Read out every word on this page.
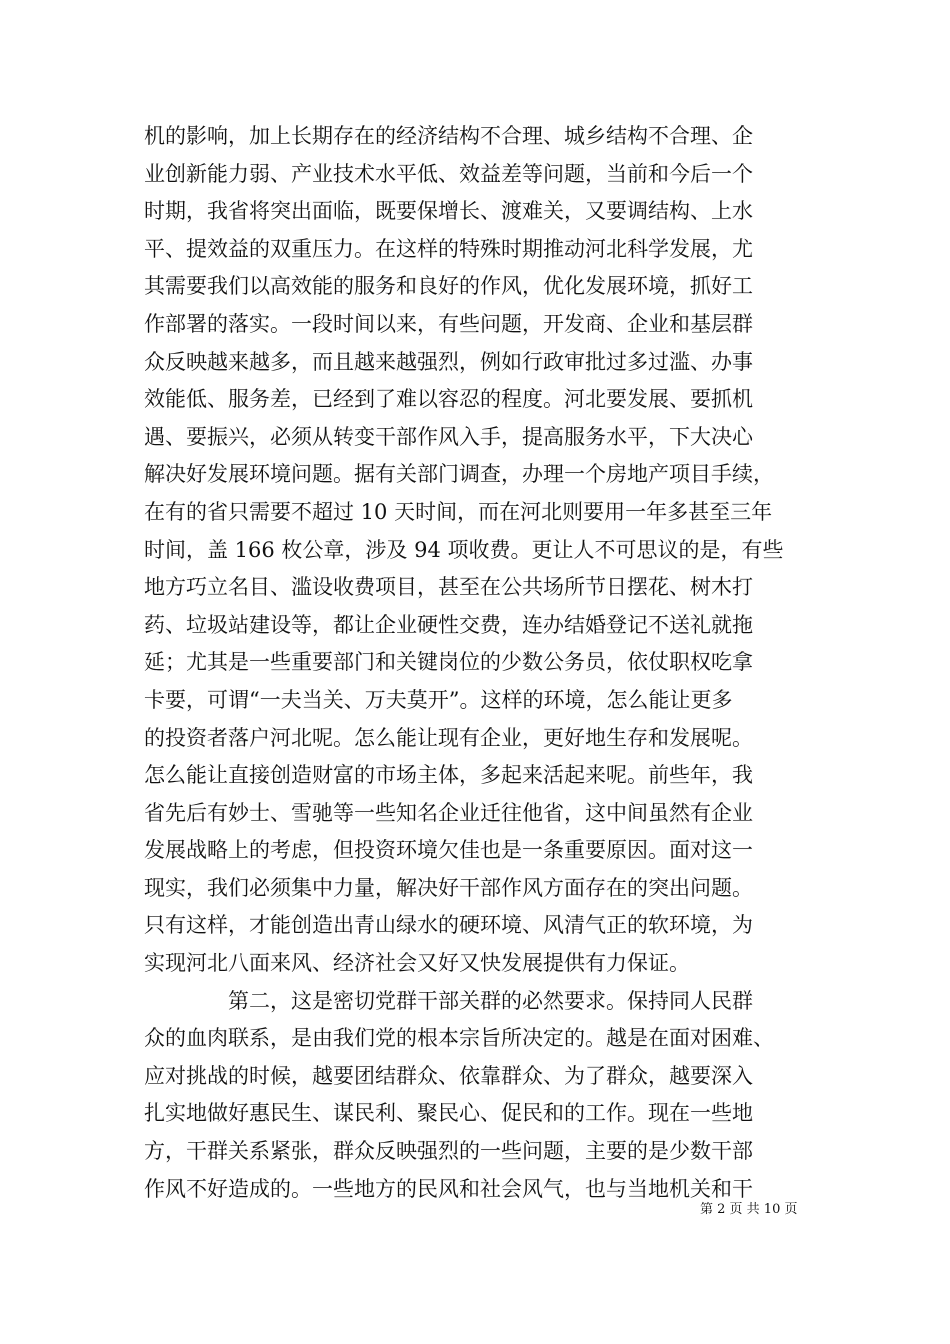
机的影响，加上长期存在的经济结构不合理、城乡结构不合理、企
业创新能力弱、产业技术水平低、效益差等问题，当前和今后一个
时期，我省将突出面临，既要保增长、渡难关，又要调结构、上水
平、提效益的双重压力。在这样的特殊时期推动河北科学发展，尤
其需要我们以高效能的服务和良好的作风，优化发展环境，抓好工
作部署的落实。一段时间以来，有些问题，开发商、企业和基层群
众反映越来越多，而且越来越强烈，例如行政审批过多过滥、办事
效能低、服务差，已经到了难以容忍的程度。河北要发展、要抓机
遇、要振兴，必须从转变干部作风入手，提高服务水平，下大决心
解决好发展环境问题。据有关部门调查，办理一个房地产项目手续，
在有的省只需要不超过 10 天时间，而在河北则要用一年多甚至三年
时间，盖 166 枚公章，涉及 94 项收费。更让人不可思议的是，有些
地方巧立名目、滥设收费项目，甚至在公共场所节日摆花、树木打
药、垃圾站建设等，都让企业硬性交费，连办结婚登记不送礼就拖
延；尤其是一些重要部门和关键岗位的少数公务员，依仗职权吃拿
卡要，可谓“一夫当关、万夫莫开”。这样的环境，怎么能让更多
的投资者落户河北呢。怎么能让现有企业，更好地生存和发展呢。
怎么能让直接创造财富的市场主体，多起来活起来呢。前些年，我
省先后有妙士、雪驰等一些知名企业迁往他省，这中间虽然有企业
发展战略上的考虑，但投资环境欠佳也是一条重要原因。面对这一
现实，我们必须集中力量，解决好干部作风方面存在的突出问题。
只有这样，才能创造出青山绿水的硬环境、风清气正的软环境，为
实现河北八面来风、经济社会又好又快发展提供有力保证。
　　　　第二，这是密切党群干部关群的必然要求。保持同人民群
众的血肉联系，是由我们党的根本宗旨所决定的。越是在面对困难、
应对挑战的时候，越要团结群众、依靠群众、为了群众，越要深入
扎实地做好惠民生、谋民利、聚民心、促民和的工作。现在一些地
方，干群关系紧张，群众反映强烈的一些问题，主要的是少数干部
作风不好造成的。一些地方的民风和社会风气，也与当地机关和干
第 2 页 共 10 页
